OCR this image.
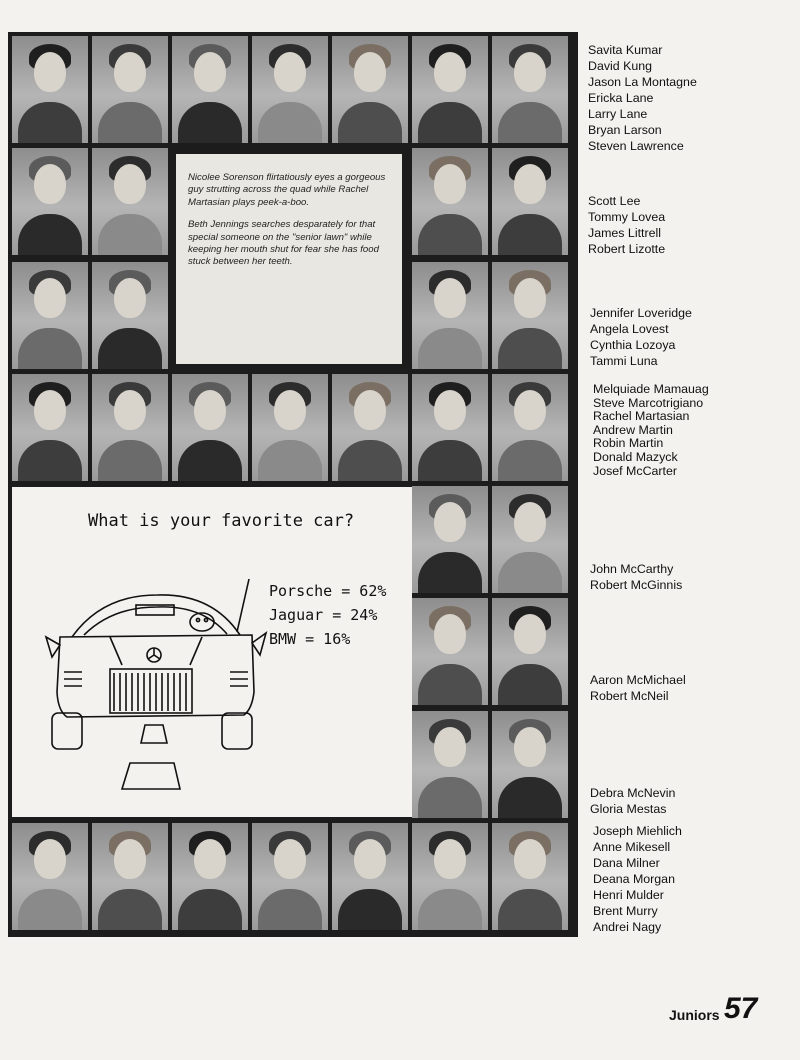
Nicolee Sorenson flirtatiously eyes a gorgeous guy strutting across the quad while Rachel Martasian plays peek-a-boo.

Beth Jennings searches desparately for that special someone on the "senior lawn" while keeping her mouth shut for fear she has food stuck between her teeth.

What is your favorite car?
Porsche = 62%
Jaguar = 24%
BMW = 16%
Savita Kumar
David Kung
Jason La Montagne
Ericka Lane
Larry Lane
Bryan Larson
Steven Lawrence
Scott Lee
Tommy Lovea
James Littrell
Robert Lizotte
Jennifer Loveridge
Angela Lovest
Cynthia Lozoya
Tammi Luna
Melquiade Mamauag
Steve Marcotrigiano
Rachel Martasian
Andrew Martin
Robin Martin
Donald Mazyck
Josef McCarter
John McCarthy
Robert McGinnis
Aaron McMichael
Robert McNeil
Debra McNevin
Gloria Mestas
Joseph Miehlich
Anne Mikesell
Dana Milner
Deana Morgan
Henri Mulder
Brent Murry
Andrei Nagy
Juniors 57
